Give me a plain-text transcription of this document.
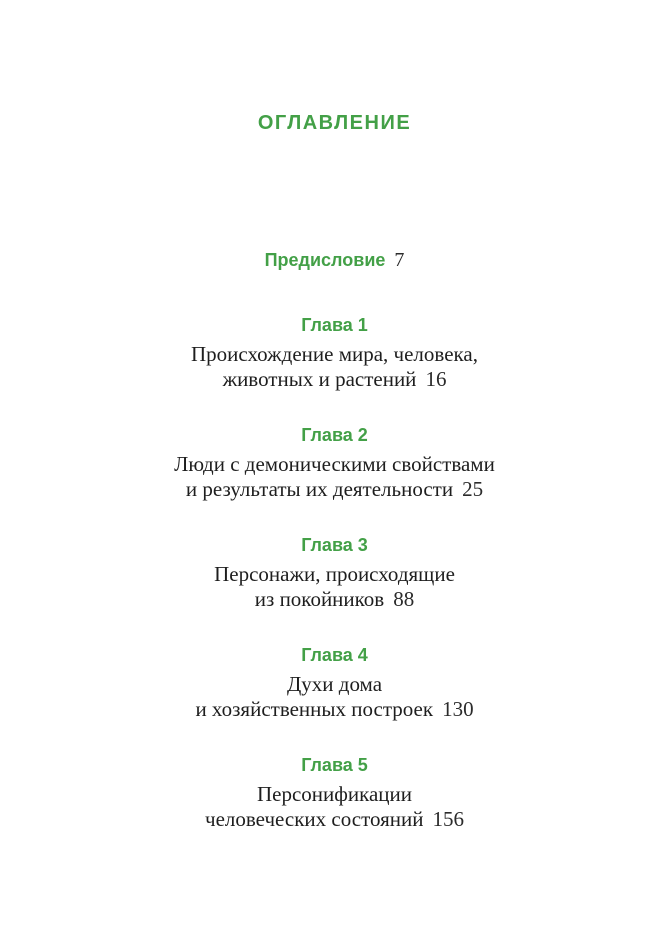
ОГЛАВЛЕНИЕ
Предисловие 7
Глава 1

Происхождение мира, человека,
животных и растений 16

Глава 2

Люди с демоническими свойствами
и результаты их деятельности 25

Глава 3

Персонажи, происходящие
из покойников 88

Глава 4

Духи дома
и хозяйственных построек 130

Глава 5

Персонификации
человеческих состояний 156
